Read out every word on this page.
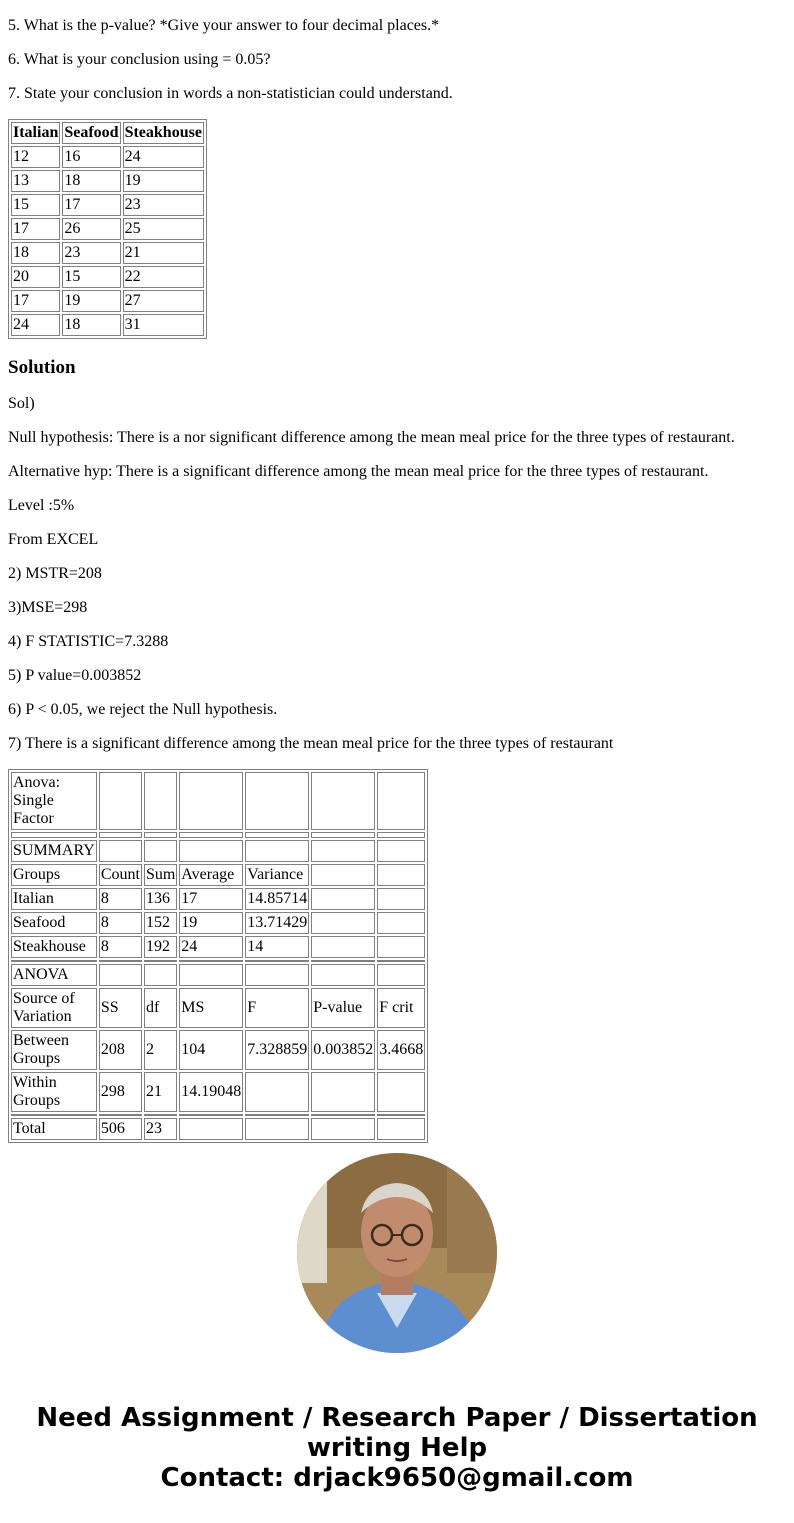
5. What is the p-value? *Give your answer to four decimal places.*

6. What is your conclusion using = 0.05?

7. State your conclusion in words a non-statistician could understand.

Italian	Seafood	Steakhouse
12	16	24
13	18	19
15	17	23
17	26	25
18	23	21
20	15	22
17	19	27
24	18	31
Solution

Sol)

Null hypothesis: There is a nor significant difference among the mean meal price for the three types of restaurant.

Alternative hyp: There is a significant difference among the mean meal price for the three types of restaurant.

Level :5%

From EXCEL

2) MSTR=208

3)MSE=298

4) F STATISTIC=7.3288

5) P value=0.003852

6) P < 0.05, we reject the Null hypothesis.

7) There is a significant difference among the mean meal price for the three types of restaurant

Anova: Single Factor						

SUMMARY						
Groups	Count	Sum	Average	Variance		
Italian	8	136	17	14.85714		
Seafood	8	152	19	13.71429		
Steakhouse	8	192	24	14		

ANOVA						
Source of Variation	SS	df	MS	F	P-value	F crit
Between Groups	208	2	104	7.328859	0.003852	3.4668
Within Groups	298	21	14.19048			

Total	506	23				
Need Assignment / Research Paper / Dissertation writing Help
Contact: drjack9650@gmail.com
